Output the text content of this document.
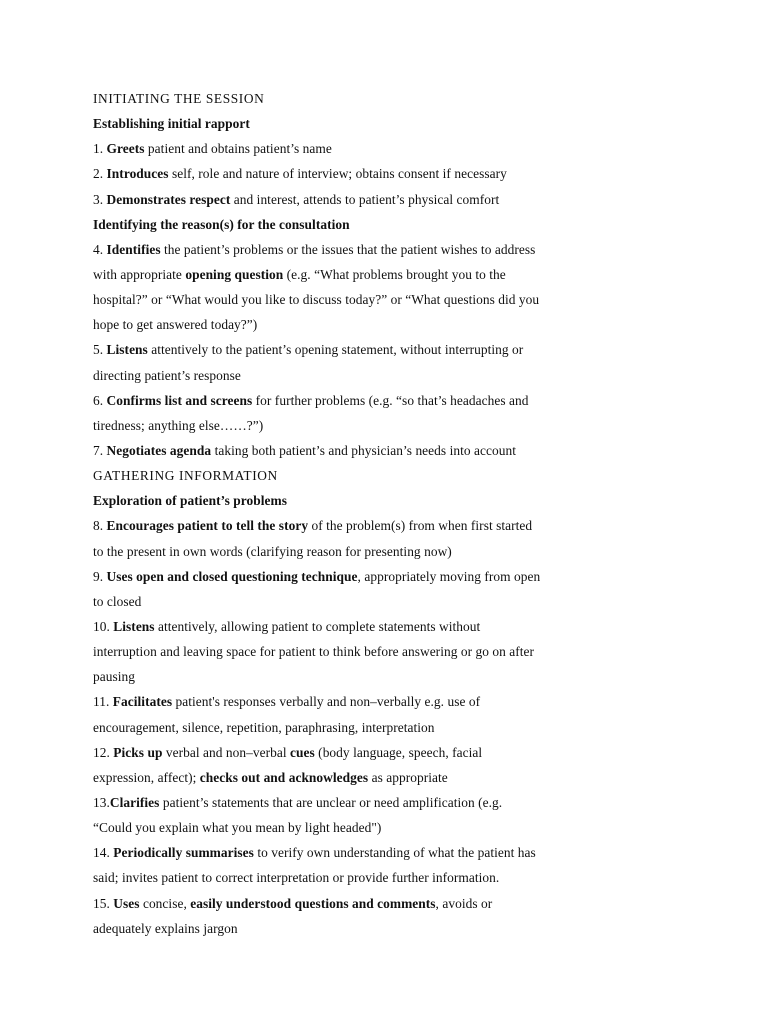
INITIATING THE SESSION
Establishing initial rapport
1. Greets patient and obtains patient’s name
2. Introduces self, role and nature of interview; obtains consent if necessary
3. Demonstrates respect and interest, attends to patient’s physical comfort
Identifying the reason(s) for the consultation
4. Identifies the patient’s problems or the issues that the patient wishes to address
with appropriate opening question (e.g. “What problems brought you to the
hospital?” or “What would you like to discuss today?” or “What questions did you
hope to get answered today?”)
5. Listens attentively to the patient’s opening statement, without interrupting or
directing patient’s response
6. Confirms list and screens for further problems (e.g. “so that’s headaches and
tiredness; anything else……?”)
7. Negotiates agenda taking both patient’s and physician’s needs into account
GATHERING INFORMATION
Exploration of patient’s problems
8. Encourages patient to tell the story of the problem(s) from when first started
to the present in own words (clarifying reason for presenting now)
9. Uses open and closed questioning technique, appropriately moving from open
to closed
10. Listens attentively, allowing patient to complete statements without
interruption and leaving space for patient to think before answering or go on after
pausing
11. Facilitates patient's responses verbally and non–verbally e.g. use of
encouragement, silence, repetition, paraphrasing, interpretation
12. Picks up verbal and non–verbal cues (body language, speech, facial
expression, affect); checks out and acknowledges as appropriate
13.Clarifies patient’s statements that are unclear or need amplification (e.g.
“Could you explain what you mean by light headed")
14. Periodically summarises to verify own understanding of what the patient has
said; invites patient to correct interpretation or provide further information.
15. Uses concise, easily understood questions and comments, avoids or
adequately explains jargon
